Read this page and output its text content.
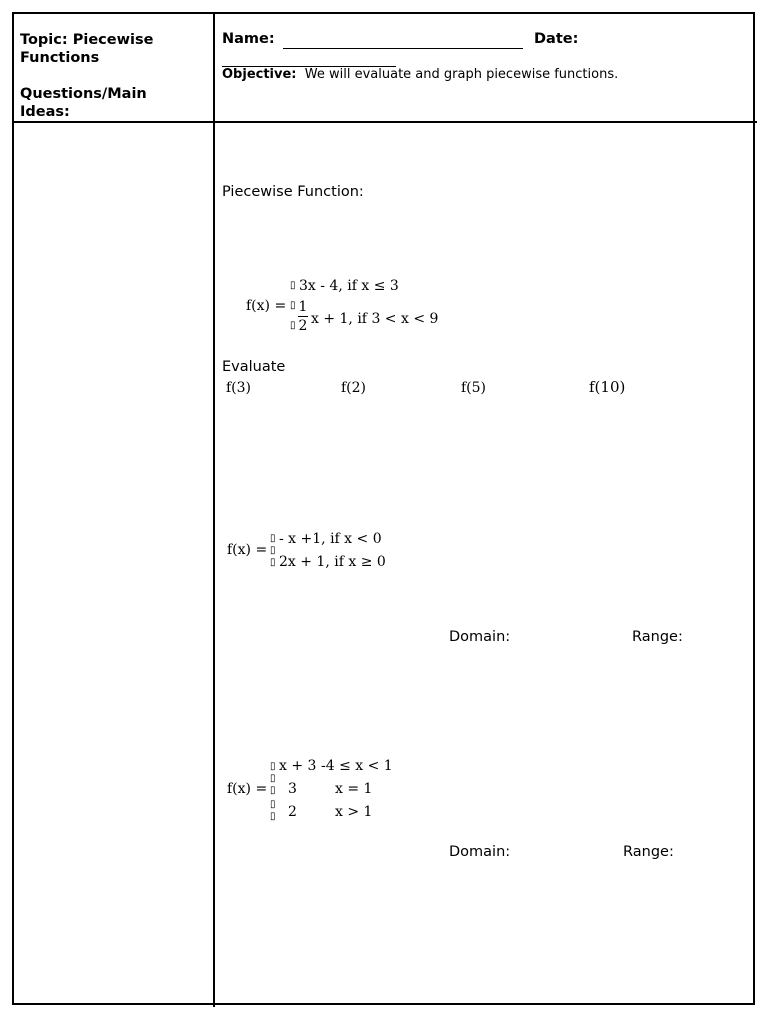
Topic: Piecewise
Functions
Questions/Main
Ideas:
Name:	Date:
Objective: We will evaluate and graph piecewise functions.
Piecewise Function:
f(x) =
▯
▯
▯
3x - 4, if x ≤ 3
1
2 x + 1, if 3 < x < 9
Evaluate
f(3)	f(2)	f(5)	f(10)
f(x) =
▯
▯
▯
- x +1, if x < 0
2x + 1, if x ≥ 0
Domain:	Range:
f(x) =
▯
▯
▯
▯
▯
x + 3 -4 ≤ x < 1
3	x = 1
2	x > 1
Domain:	Range:
